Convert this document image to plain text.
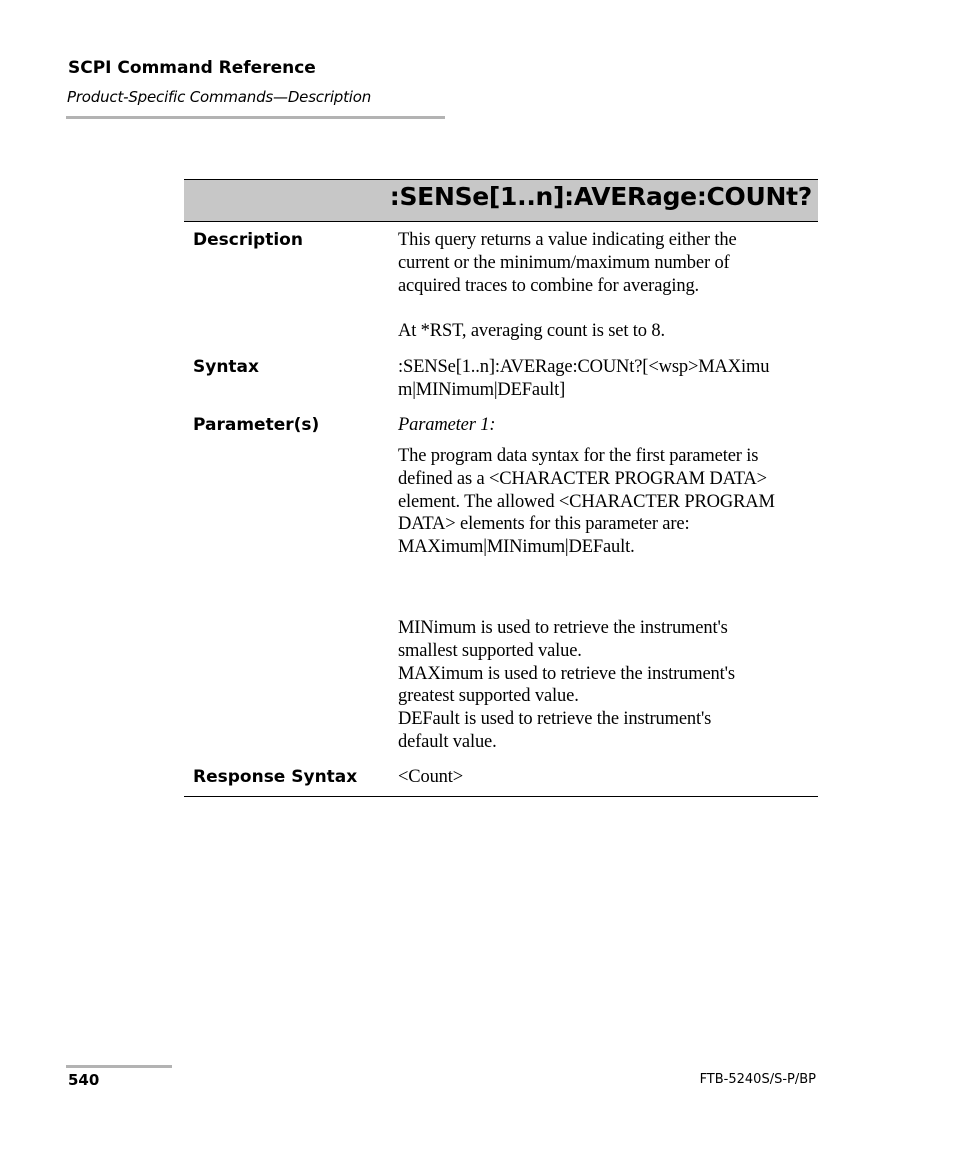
SCPI Command Reference
Product-Specific Commands—Description
:SENSe[1..n]:AVERage:COUNt?
Description	This query returns a value indicating either the
current or the minimum/maximum number of
acquired traces to combine for averaging.
At *RST, averaging count is set to 8.
Syntax	:SENSe[1..n]:AVERage:COUNt?[<wsp>MAXimu
m|MINimum|DEFault]
Parameter(s)	Parameter 1:
The program data syntax for the first parameter is
defined as a <CHARACTER PROGRAM DATA>
element. The allowed <CHARACTER PROGRAM
DATA> elements for this parameter are:
MAXimum|MINimum|DEFault.
MINimum is used to retrieve the instrument's
smallest supported value.
MAXimum is used to retrieve the instrument's
greatest supported value.
DEFault is used to retrieve the instrument's
default value.
Response Syntax <Count>
540	FTB-5240S/S-P/BP
